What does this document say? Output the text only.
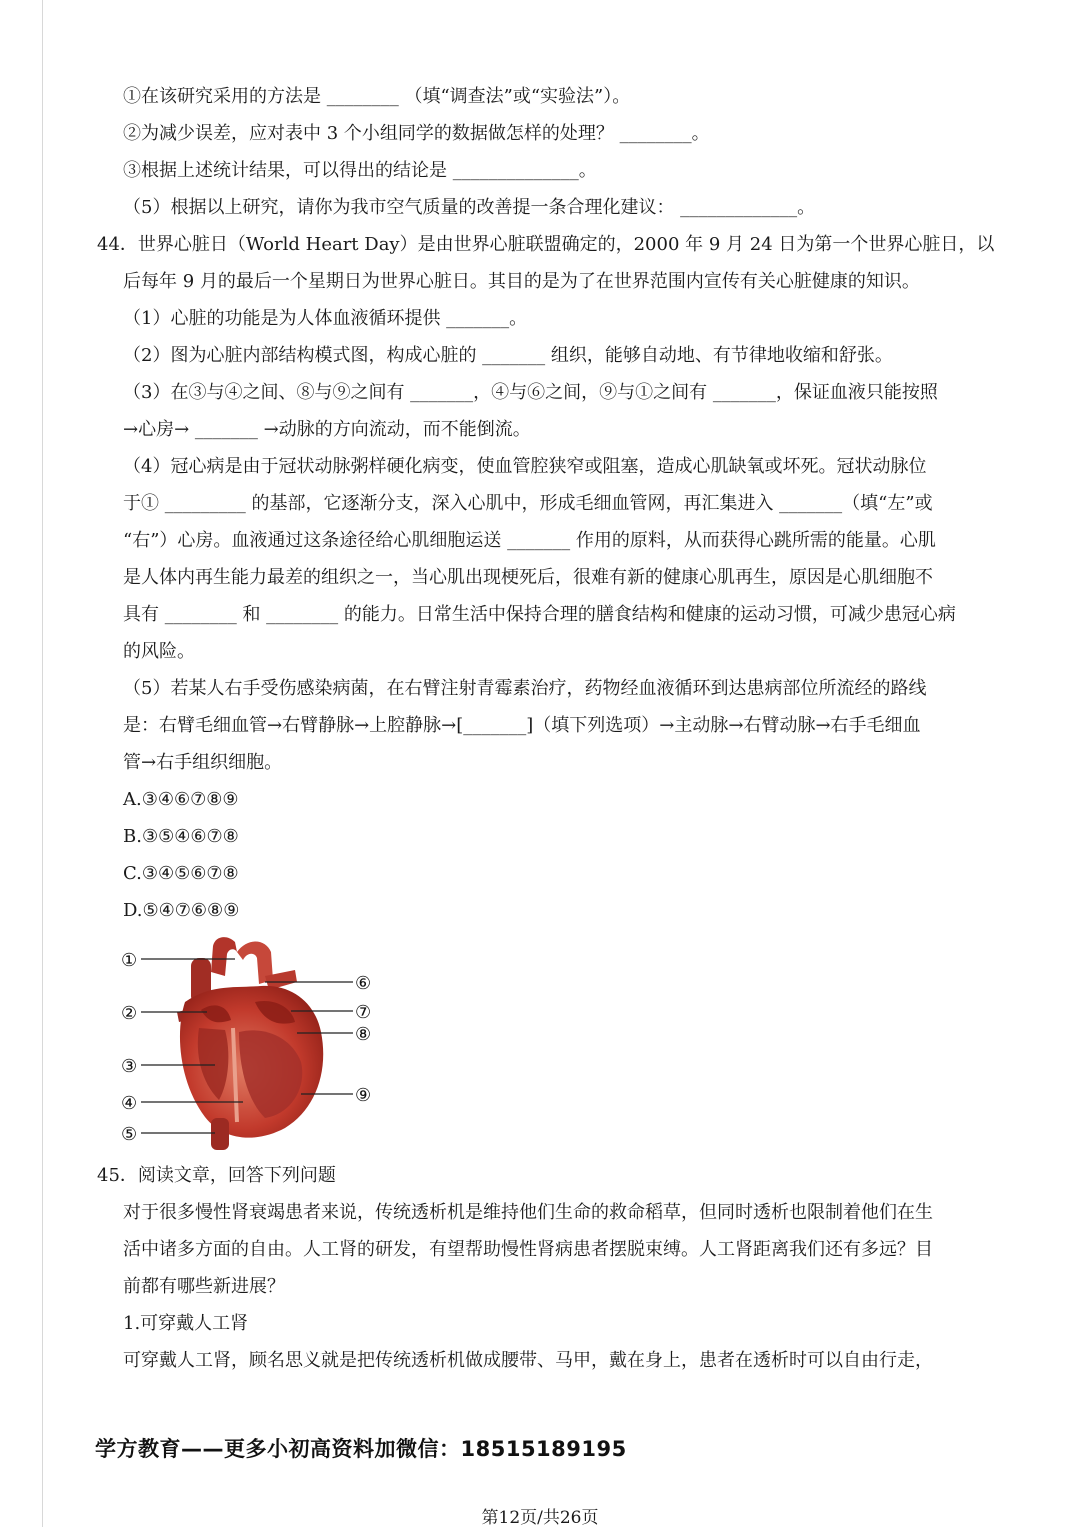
①在该研究采用的方法是 ________ （填“调查法”或“实验法”）。
②为减少误差，应对表中 3 个小组同学的数据做怎样的处理？ ________。
③根据上述统计结果，可以得出的结论是 ______________。
（5）根据以上研究，请你为我市空气质量的改善提一条合理化建议： _____________。
44．世界心脏日（World Heart Day）是由世界心脏联盟确定的，2000 年 9 月 24 日为第一个世界心脏日，以
后每年 9 月的最后一个星期日为世界心脏日。其目的是为了在世界范围内宣传有关心脏健康的知识。
（1）心脏的功能是为人体血液循环提供 _______。
（2）图为心脏内部结构模式图，构成心脏的 _______ 组织，能够自动地、有节律地收缩和舒张。
（3）在③与④之间、⑧与⑨之间有 _______，④与⑥之间，⑨与①之间有 _______，保证血液只能按照
→心房→ _______ →动脉的方向流动，而不能倒流。
（4）冠心病是由于冠状动脉粥样硬化病变，使血管腔狭窄或阻塞，造成心肌缺氧或坏死。冠状动脉位
于① _________ 的基部，它逐渐分支，深入心肌中，形成毛细血管网，再汇集进入 _______（填“左”或
“右”）心房。血液通过这条途径给心肌细胞运送 _______ 作用的原料，从而获得心跳所需的能量。心肌
是人体内再生能力最差的组织之一，当心肌出现梗死后，很难有新的健康心肌再生，原因是心肌细胞不
具有 ________ 和 ________ 的能力。日常生活中保持合理的膳食结构和健康的运动习惯，可减少患冠心病
的风险。
（5）若某人右手受伤感染病菌，在右臂注射青霉素治疗，药物经血液循环到达患病部位所流经的路线
是：右臂毛细血管→右臂静脉→上腔静脉→[_______]（填下列选项）→主动脉→右臂动脉→右手毛细血
管→右手组织细胞。
A.③④⑥⑦⑧⑨
B.③⑤④⑥⑦⑧
C.③④⑤⑥⑦⑧
D.⑤④⑦⑥⑧⑨
①
②
③
④
⑤
⑥
⑦
⑧
⑨
45．阅读文章，回答下列问题
对于很多慢性肾衰竭患者来说，传统透析机是维持他们生命的救命稻草，但同时透析也限制着他们在生
活中诸多方面的自由。人工肾的研发，有望帮助慢性肾病患者摆脱束缚。人工肾距离我们还有多远？目
前都有哪些新进展？
1.可穿戴人工肾
可穿戴人工肾，顾名思义就是把传统透析机做成腰带、马甲，戴在身上，患者在透析时可以自由行走，
学方教育——更多小初高资料加微信：18515189195
第12页/共26页
